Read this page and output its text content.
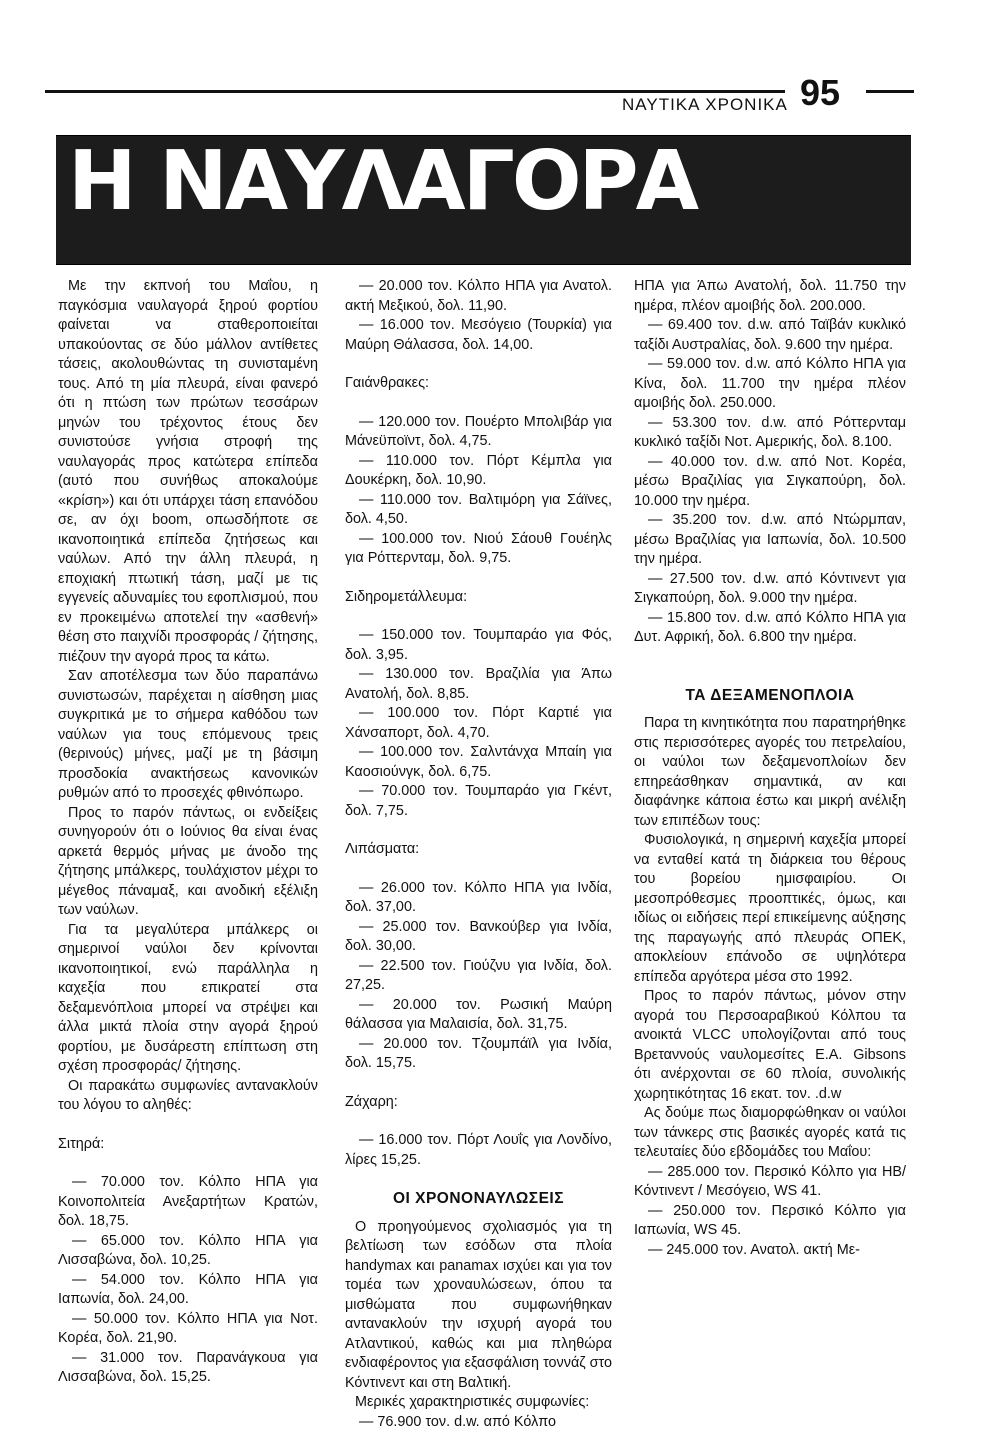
ΝΑΥΤΙΚΑ ΧΡΟΝΙΚΑ 95
Η ΝΑΥΛΑΓΟΡΑ

Με την εκπνοή του Μαΐου, η παγκόσμια ναυλαγορά ξηρού φορτίου φαίνεται να σταθεροποιείται υπακούοντας σε δύο μάλλον αντίθετες τάσεις, ακολουθώντας τη συνισταμένη τους. Από τη μία πλευρά, είναι φανερό ότι η πτώση των πρώτων τεσσάρων μηνών του τρέχοντος έτους δεν συνιστούσε γνήσια στροφή της ναυλαγοράς προς κατώτερα επίπεδα (αυτό που συνήθως αποκαλούμε «κρίση») και ότι υπάρχει τάση επανόδου σε, αν όχι boom, οπωσδήποτε σε ικανοποιητικά επίπεδα ζητήσεως και ναύλων. Από την άλλη πλευρά, η εποχιακή πτωτική τάση, μαζί με τις εγγενείς αδυναμίες του εφοπλισμού, που εν προκειμένω αποτελεί την «ασθενή» θέση στο παιχνίδι προσφοράς / ζήτησης, πιέζουν την αγορά προς τα κάτω.

Σαν αποτέλεσμα των δύο παραπάνω συνιστωσών, παρέχεται η αίσθηση μιας συγκριτικά με το σήμερα καθόδου των ναύλων για τους επόμενους τρεις (θερινούς) μήνες, μαζί με τη βάσιμη προσδοκία ανακτήσεως κανονικών ρυθμών από το προσεχές φθινόπωρο.

Προς το παρόν πάντως, οι ενδείξεις συνηγορούν ότι ο Ιούνιος θα είναι ένας αρκετά θερμός μήνας με άνοδο της ζήτησης μπάλκερς, τουλάχιστον μέχρι το μέγεθος πάναμαξ, και ανοδική εξέλιξη των ναύλων.

Για τα μεγαλύτερα μπάλκερς οι σημερινοί ναύλοι δεν κρίνονται ικανοποιητικοί, ενώ παράλληλα η καχεξία που επικρατεί στα δεξαμενόπλοια μπορεί να στρέψει και άλλα μικτά πλοία στην αγορά ξηρού φορτίου, με δυσάρεστη επίπτωση στη σχέση προσφοράς/ ζήτησης.

Οι παρακάτω συμφωνίες αντανακλούν του λόγου το αληθές:

Σιτηρά:

— 70.000 τον. Κόλπο ΗΠΑ για Κοινοπολιτεία Ανεξαρτήτων Κρατών, δολ. 18,75.

— 65.000 τον. Κόλπο ΗΠΑ για Λισσαβώνα, δολ. 10,25.

— 54.000 τον. Κόλπο ΗΠΑ για Ιαπωνία, δολ. 24,00.

— 50.000 τον. Κόλπο ΗΠΑ για Νοτ. Κορέα, δολ. 21,90.

— 31.000 τον. Παρανάγκουα για Λισσαβώνα, δολ. 15,25.

— 20.000 τον. Κόλπο ΗΠΑ για Ανατολ. ακτή Μεξικού, δολ. 11,90.

— 16.000 τον. Μεσόγειο (Τουρκία) για Μαύρη Θάλασσα, δολ. 14,00.

Γαιάνθρακες:

— 120.000 τον. Πουέρτο Μπολιβάρ για Μάνεϋποϊντ, δολ. 4,75.

— 110.000 τον. Πόρτ Κέμπλα για Δουκέρκη, δολ. 10,90.

— 110.000 τον. Βαλτιμόρη για Σάϊνες, δολ. 4,50.

— 100.000 τον. Νιού Σάουθ Γουέηλς για Ρόττερνταμ, δολ. 9,75.

Σιδηρομετάλλευμα:

— 150.000 τον. Τουμπαράο για Φός, δολ. 3,95.

— 130.000 τον. Βραζιλία για Άπω Ανατολή, δολ. 8,85.

— 100.000 τον. Πόρτ Καρτιέ για Χάνσαπορτ, δολ. 4,70.

— 100.000 τον. Σαλντάνχα Μπαίη για Καοσιούνγκ, δολ. 6,75.

— 70.000 τον. Τουμπαράο για Γκέντ, δολ. 7,75.

Λιπάσματα:

— 26.000 τον. Κόλπο ΗΠΑ για Ινδία, δολ. 37,00.

— 25.000 τον. Βανκούβερ για Ινδία, δολ. 30,00.

— 22.500 τον. Γιούζνυ για Ινδία, δολ. 27,25.

— 20.000 τον. Ρωσική Μαύρη θάλασσα για Μαλαισία, δολ. 31,75.

— 20.000 τον. Τζουμπάϊλ για Ινδία, δολ. 15,75.

Ζάχαρη:

— 16.000 τον. Πόρτ Λουΐς για Λονδίνο, λίρες 15,25.

ΟΙ ΧΡΟΝΟΝΑΥΛΩΣΕΙΣ

Ο προηγούμενος σχολιασμός για τη βελτίωση των εσόδων στα πλοία handymax και panamax ισχύει και για τον τομέα των χροναυλώσεων, όπου τα μισθώματα που συμφωνήθηκαν αντανακλούν την ισχυρή αγορά του Ατλαντικού, καθώς και μια πληθώρα ενδιαφέροντος για εξασφάλιση τοννάζ στο Κόντινεντ και στη Βαλτική.

Μερικές χαρακτηριστικές συμφωνίες:

— 76.900 τον. d.w. από Κόλπο

ΗΠΑ για Άπω Ανατολή, δολ. 11.750 την ημέρα, πλέον αμοιβής δολ. 200.000.

— 69.400 τον. d.w. από Ταϊβάν κυκλικό ταξίδι Αυστραλίας, δολ. 9.600 την ημέρα.

— 59.000 τον. d.w. από Κόλπο ΗΠΑ για Κίνα, δολ. 11.700 την ημέρα πλέον αμοιβής δολ. 250.000.

— 53.300 τον. d.w. από Ρόττερνταμ κυκλικό ταξίδι Νοτ. Αμερικής, δολ. 8.100.

— 40.000 τον. d.w. από Νοτ. Κορέα, μέσω Βραζιλίας για Σιγκαπούρη, δολ. 10.000 την ημέρα.

— 35.200 τον. d.w. από Ντώρμπαν, μέσω Βραζιλίας για Ιαπωνία, δολ. 10.500 την ημέρα.

— 27.500 τον. d.w. από Κόντινεντ για Σιγκαπούρη, δολ. 9.000 την ημέρα.

— 15.800 τον. d.w. από Κόλπο ΗΠΑ για Δυτ. Αφρική, δολ. 6.800 την ημέρα.

ΤΑ ΔΕΞΑΜΕΝΟΠΛΟΙΑ

Παρα τη κινητικότητα που παρατηρήθηκε στις περισσότερες αγορές του πετρελαίου, οι ναύλοι των δεξαμενοπλοίων δεν επηρεάσθηκαν σημαντικά, αν και διαφάνηκε κάποια έστω και μικρή ανέλιξη των επιπέδων τους:

Φυσιολογικά, η σημερινή καχεξία μπορεί να ενταθεί κατά τη διάρκεια του θέρους του βορείου ημισφαιρίου. Οι μεσοπρόθεσμες προοπτικές, όμως, και ιδίως οι ειδήσεις περί επικείμενης αύξησης της παραγωγής από πλευράς ΟΠΕΚ, αποκλείουν επάνοδο σε υψηλότερα επίπεδα αργότερα μέσα στο 1992.

Προς το παρόν πάντως, μόνον στην αγορά του Περσοαραβικού Κόλπου τα ανοικτά VLCC υπολογίζονται από τους Βρεταννούς ναυλομεσίτες E.A. Gibsons ότι ανέρχονται σε 60 πλοία, συνολικής χωρητικότητας 16 εκατ. τον. .d.w

Ας δούμε πως διαμορφώθηκαν οι ναύλοι των τάνκερς στις βασικές αγορές κατά τις τελευταίες δύο εβδομάδες του Μαΐου:

— 285.000 τον. Περσικό Κόλπο για ΗΒ/ Κόντινεντ / Μεσόγειο, WS 41.

— 250.000 τον. Περσικό Κόλπο για Ιαπωνία, WS 45.

— 245.000 τον. Ανατολ. ακτή Με-
